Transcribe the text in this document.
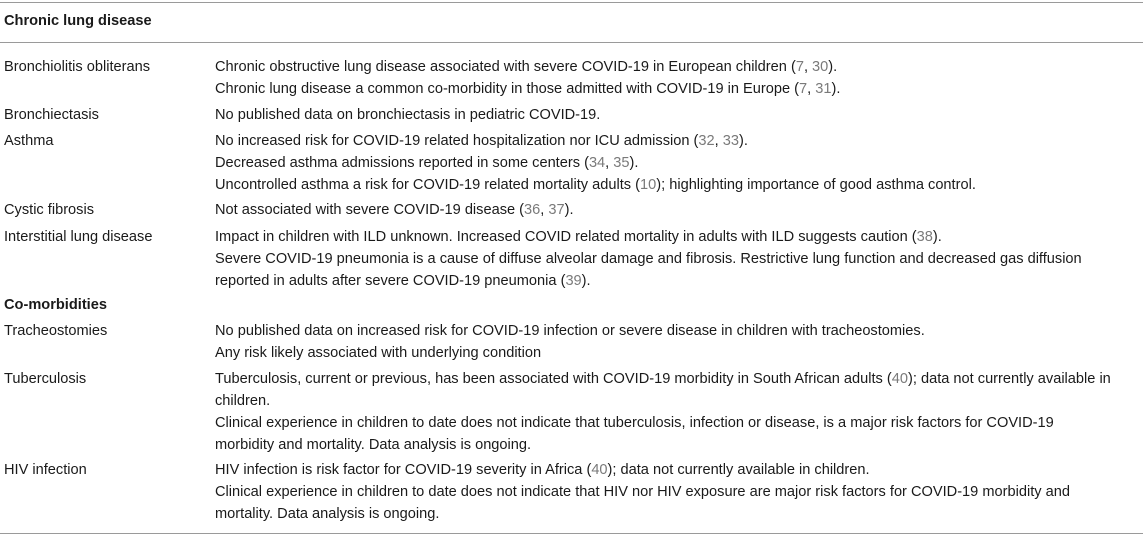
Chronic lung disease
Bronchiolitis obliterans	Chronic obstructive lung disease associated with severe COVID-19 in European children (7, 30).
Chronic lung disease a common co-morbidity in those admitted with COVID-19 in Europe (7, 31).
Bronchiectasis	No published data on bronchiectasis in pediatric COVID-19.
Asthma	No increased risk for COVID-19 related hospitalization nor ICU admission (32, 33).
Decreased asthma admissions reported in some centers (34, 35).
Uncontrolled asthma a risk for COVID-19 related mortality adults (10); highlighting importance of good asthma control.
Cystic fibrosis	Not associated with severe COVID-19 disease (36, 37).
Interstitial lung disease	Impact in children with ILD unknown. Increased COVID related mortality in adults with ILD suggests caution (38).
Severe COVID-19 pneumonia is a cause of diffuse alveolar damage and fibrosis. Restrictive lung function and decreased gas diffusion
reported in adults after severe COVID-19 pneumonia (39).
Co-morbidities
Tracheostomies	No published data on increased risk for COVID-19 infection or severe disease in children with tracheostomies.
Any risk likely associated with underlying condition
Tuberculosis	Tuberculosis, current or previous, has been associated with COVID-19 morbidity in South African adults (40); data not currently available in
children.
Clinical experience in children to date does not indicate that tuberculosis, infection or disease, is a major risk factors for COVID-19
morbidity and mortality. Data analysis is ongoing.
HIV infection	HIV infection is risk factor for COVID-19 severity in Africa (40); data not currently available in children.
Clinical experience in children to date does not indicate that HIV nor HIV exposure are major risk factors for COVID-19 morbidity and
mortality. Data analysis is ongoing.
